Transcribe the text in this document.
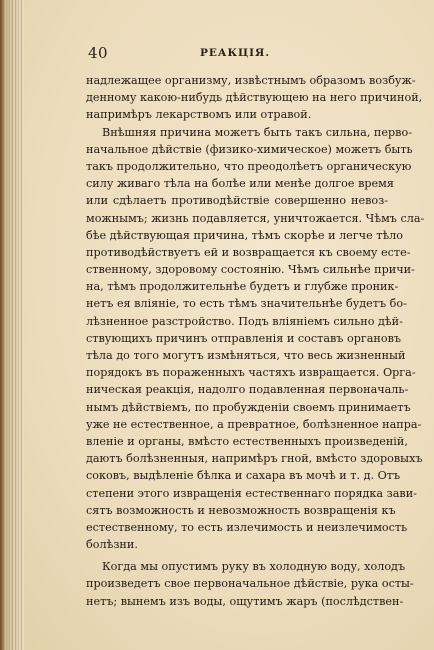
40	РЕАКЦІЯ.
надлежащее организму, извѣстнымъ образомъ возбуж-
денному какою-нибудь дѣйствующею на него причиной,
напримѣръ лекарствомъ или отравой.
Внѣшняя причина можетъ быть такъ сильна, перво-
начальное дѣйствіе (физико-химическое) можетъ быть
такъ продолжительно, что преодолѣетъ органическую
силу живаго тѣла на болѣе или менѣе долгое время
или сдѣлаетъ противодѣйствіе совершенно невоз-
можнымъ; жизнь подавляется, уничтожается. Чѣмъ сла-
бѣе дѣйствующая причина, тѣмъ скорѣе и легче тѣло
противодѣйствуетъ ей и возвращается къ своему есте-
ственному, здоровому состоянію. Чѣмъ сильнѣе причи-
на, тѣмъ продолжительнѣе будетъ и глубже проник-
нетъ ея вліяніе, то есть тѣмъ значительнѣе будетъ бо-
лѣзненное разстройство. Подъ вліяніемъ сильно дѣй-
ствующихъ причинъ отправленія и составъ органовъ
тѣла до того могутъ измѣняться, что весь жизненный
порядокъ въ пораженныхъ частяхъ извращается. Орга-
ническая реакція, надолго подавленная первоначаль-
нымъ дѣйствіемъ, по пробужденіи своемъ принимаетъ
уже не естественное, а превратное, болѣзненное напра-
вленіе и органы, вмѣсто естественныхъ произведеній,
даютъ болѣзненныя, напримѣръ гной, вмѣсто здоровыхъ
соковъ, выдѣленіе бѣлка и сахара въ мочѣ и т. д. Отъ
степени этого извращенія естественнаго порядка зави-
сятъ возможность и невозможность возвращенія къ
естественному, то есть излечимость и неизлечимость
болѣзни.
Когда мы опустимъ руку въ холодную воду, холодъ
произведетъ свое первоначальное дѣйствіе, рука осты-
нетъ; вынемъ изъ воды, ощутимъ жаръ (послѣдствен-
